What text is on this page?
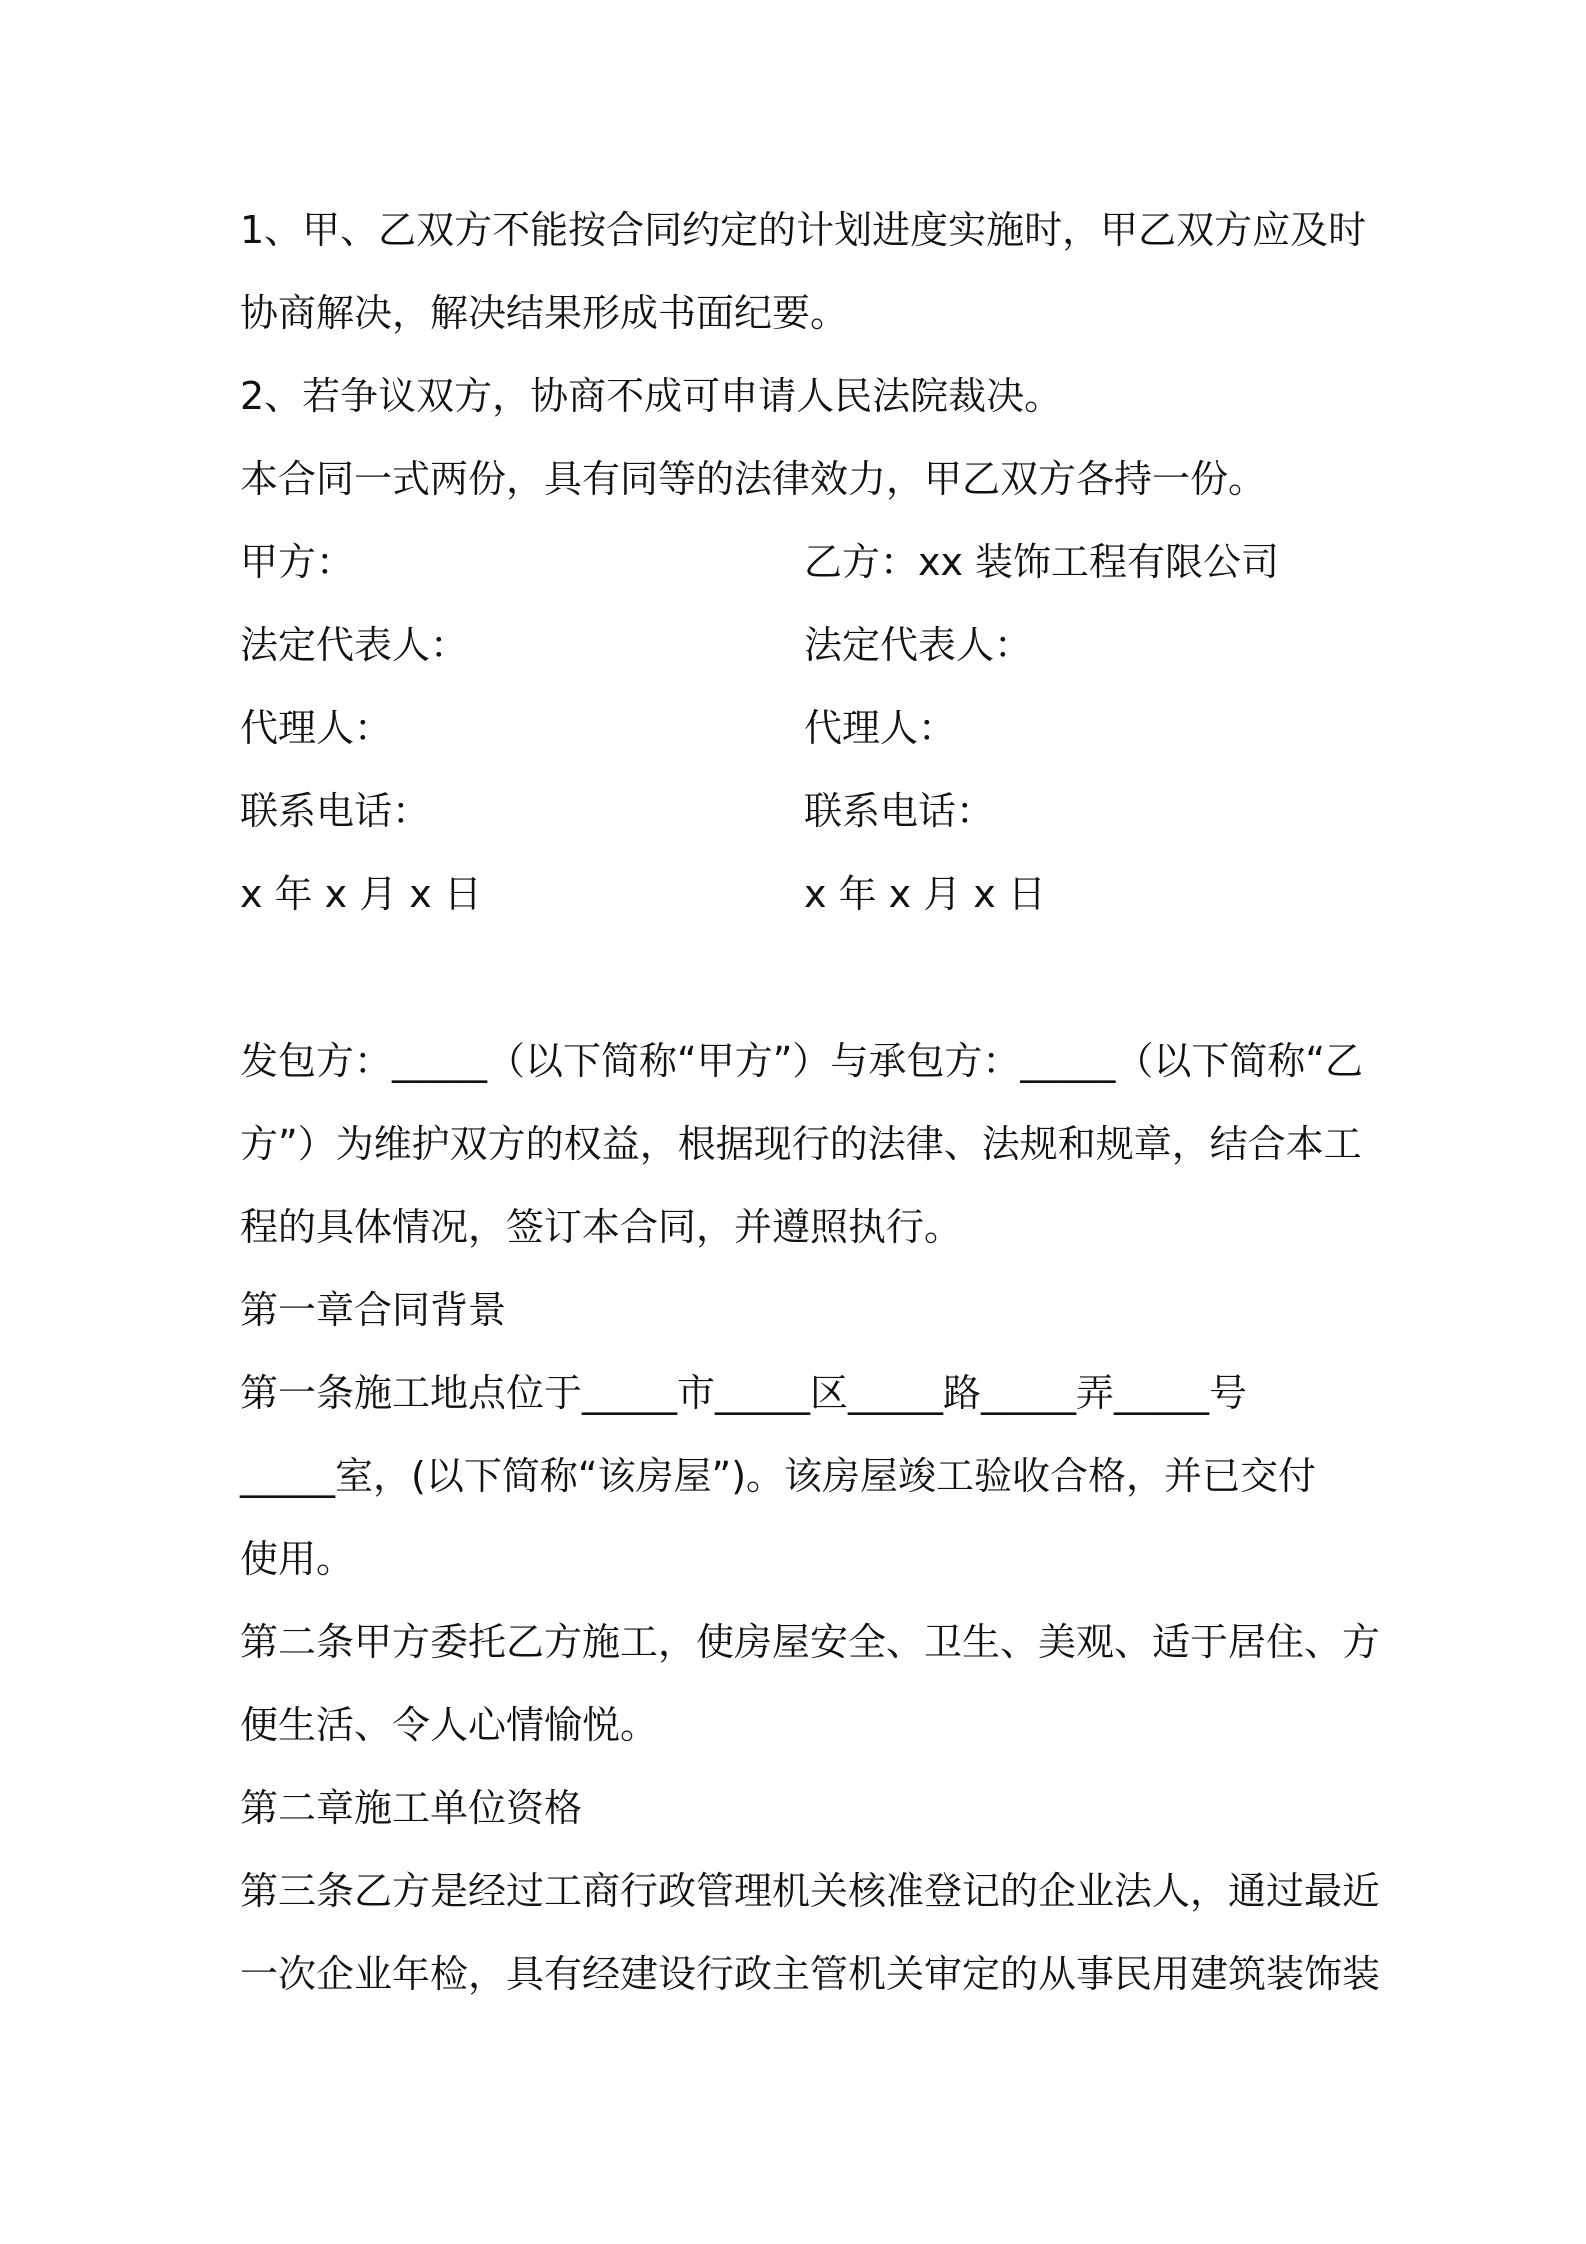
1、甲、乙双方不能按合同约定的计划进度实施时，甲乙双方应及时
协商解决，解决结果形成书面纪要。
2、若争议双方，协商不成可申请人民法院裁决。
本合同一式两份，具有同等的法律效力，甲乙双方各持一份。
甲方：	乙方：xx 装饰工程有限公司
法定代表人：	法定代表人：
代理人：	代理人：
联系电话：	联系电话：
x 年 x 月 x 日	x 年 x 月 x 日
发包方：_____（以下简称“甲方”）与承包方：_____（以下简称“乙
方”）为维护双方的权益，根据现行的法律、法规和规章，结合本工
程的具体情况，签订本合同，并遵照执行。
第一章合同背景
第一条施工地点位于_____市_____区_____路_____弄_____号
_____室，(以下简称“该房屋”)。该房屋竣工验收合格，并已交付
使用。
第二条甲方委托乙方施工，使房屋安全、卫生、美观、适于居住、方
便生活、令人心情愉悦。
第二章施工单位资格
第三条乙方是经过工商行政管理机关核准登记的企业法人，通过最近
一次企业年检，具有经建设行政主管机关审定的从事民用建筑装饰装
